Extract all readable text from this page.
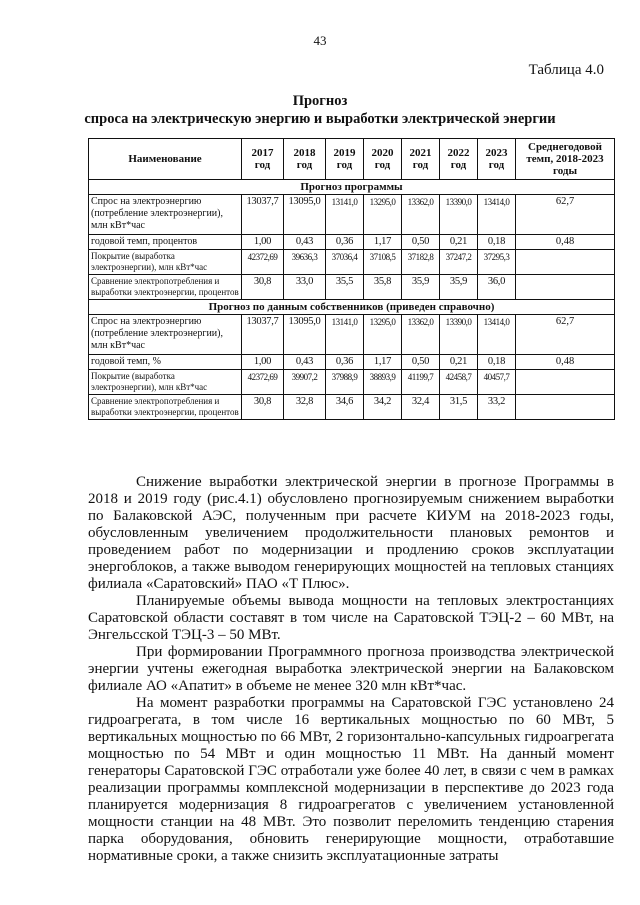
43
Таблица 4.0
Прогноз
спроса на электрическую энергию и выработки электрической энергии
Наименование	2017 год	2018 год	2019 год	2020 год	2021 год	2022 год	2023 год	Среднегодовой темп, 2018-2023 годы
Прогноз программы								
Спрос на электроэнергию (потребление электроэнергии), млн кВт*час	13037,7	13095,0	13141,0	13295,0	13362,0	13390,0	13414,0	62,7
годовой темп, процентов	1,00	0,43	0,36	1,17	0,50	0,21	0,18	0,48
Покрытие (выработка электроэнергии), млн кВт*час	42372,69	39636,3	37036,4	37108,5	37182,8	37247,2	37295,3	
Сравнение электропотребления и выработки электроэнергии, процентов	30,8	33,0	35,5	35,8	35,9	35,9	36,0	
Прогноз по данным собственников (приведен справочно)								
Спрос на электроэнергию (потребление электроэнергии), млн кВт*час	13037,7	13095,0	13141,0	13295,0	13362,0	13390,0	13414,0	62,7
годовой темп, %	1,00	0,43	0,36	1,17	0,50	0,21	0,18	0,48
Покрытие (выработка электроэнергии), млн кВт*час	42372,69	39907,2	37988,9	38893,9	41199,7	42458,7	40457,7	
Сравнение электропотребления и выработки электроэнергии, процентов	30,8	32,8	34,6	34,2	32,4	31,5	33,2	

Снижение выработки электрической энергии в прогнозе Программы в 2018 и 2019 году (рис.4.1) обусловлено прогнозируемым снижением выработки по Балаковской АЭС, полученным при расчете КИУМ на 2018-2023 годы, обусловленным увеличением продолжительности плановых ремонтов и проведением работ по модернизации и продлению сроков эксплуатации энергоблоков, а также выводом генерирующих мощностей на тепловых станциях филиала «Саратовский» ПАО «Т Плюс».

Планируемые объемы вывода мощности на тепловых электростанциях Саратовской области составят в том числе на Саратовской ТЭЦ-2 – 60 МВт, на Энгельсской ТЭЦ-3 – 50 МВт.

При формировании Программного прогноза производства электрической энергии учтены ежегодная выработка электрической энергии на Балаковском филиале АО «Апатит» в объеме не менее 320 млн кВт*час.

На момент разработки программы на Саратовской ГЭС установлено 24 гидроагрегата, в том числе 16 вертикальных мощностью по 60 МВт, 5 вертикальных мощностью по 66 МВт, 2 горизонтально-капсульных гидроагрегата мощностью по 54 МВт и один мощностью 11 МВт. На данный момент генераторы Саратовской ГЭС отработали уже более 40 лет, в связи с чем в рамках реализации программы комплексной модернизации в перспективе до 2023 года планируется модернизация 8 гидроагрегатов с увеличением установленной мощности станции на 48 МВт. Это позволит переломить тенденцию старения парка оборудования, обновить генерирующие мощности, отработавшие нормативные сроки, а также снизить эксплуатационные затраты
